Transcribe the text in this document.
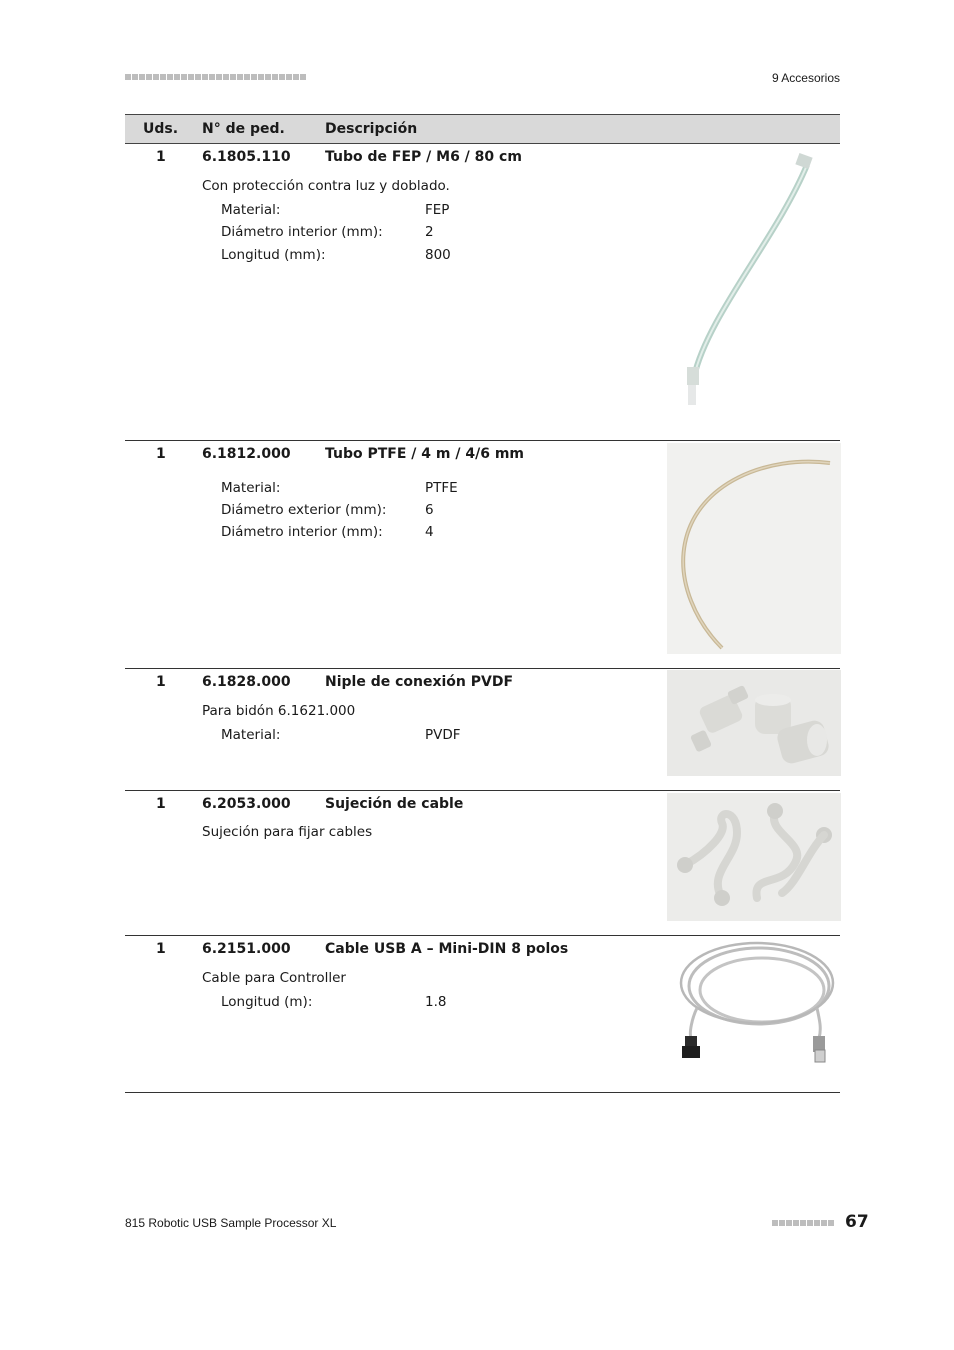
9 Accesorios
Uds. N° de ped.	Descripción
1	6.1805.110 Tubo de FEP / M6 / 80 cm
Con protección contra luz y doblado.
Material:	FEP
Diámetro interior (mm):	2
Longitud (mm):	800
1	6.1812.000 Tubo PTFE / 4 m / 4/6 mm
Material:	PTFE
Diámetro exterior (mm):	6
Diámetro interior (mm):	4
1	6.1828.000 Niple de conexión PVDF
Para bidón 6.1621.000
Material:	PVDF
1	6.2053.000 Sujeción de cable
Sujeción para fijar cables
1	6.2151.000 Cable USB A – Mini-DIN 8 polos
Cable para Controller
Longitud (m):	1.8
815 Robotic USB Sample Processor XL	67
